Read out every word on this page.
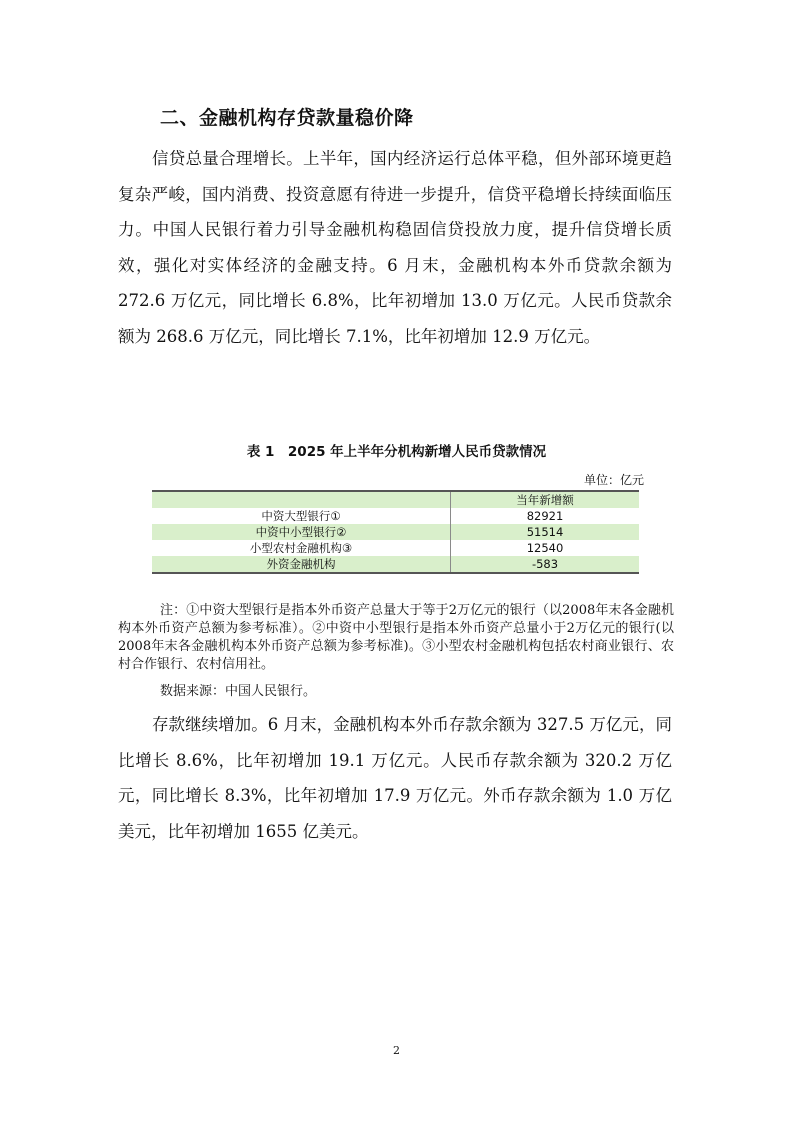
二、金融机构存贷款量稳价降

信贷总量合理增长。上半年，国内经济运行总体平稳，但外部环境更趋复杂严峻，国内消费、投资意愿有待进一步提升，信贷平稳增长持续面临压力。中国人民银行着力引导金融机构稳固信贷投放力度，提升信贷增长质效，强化对实体经济的金融支持。6 月末，金融机构本外币贷款余额为 272.6 万亿元，同比增长 6.8%，比年初增加 13.0 万亿元。人民币贷款余额为 268.6 万亿元，同比增长 7.1%，比年初增加 12.9 万亿元。

表 1　2025 年上半年分机构新增人民币贷款情况
单位：亿元
	当年新增额
中资大型银行①	82921
中资中小型银行②	51514
小型农村金融机构③	12540
外资金融机构	-583

注：①中资大型银行是指本外币资产总量大于等于2万亿元的银行（以2008年末各金融机构本外币资产总额为参考标准）。②中资中小型银行是指本外币资产总量小于2万亿元的银行(以2008年末各金融机构本外币资产总额为参考标准)。③小型农村金融机构包括农村商业银行、农村合作银行、农村信用社。

数据来源：中国人民银行。

存款继续增加。6 月末，金融机构本外币存款余额为 327.5 万亿元，同比增长 8.6%，比年初增加 19.1 万亿元。人民币存款余额为 320.2 万亿元，同比增长 8.3%，比年初增加 17.9 万亿元。外币存款余额为 1.0 万亿美元，比年初增加 1655 亿美元。

2
